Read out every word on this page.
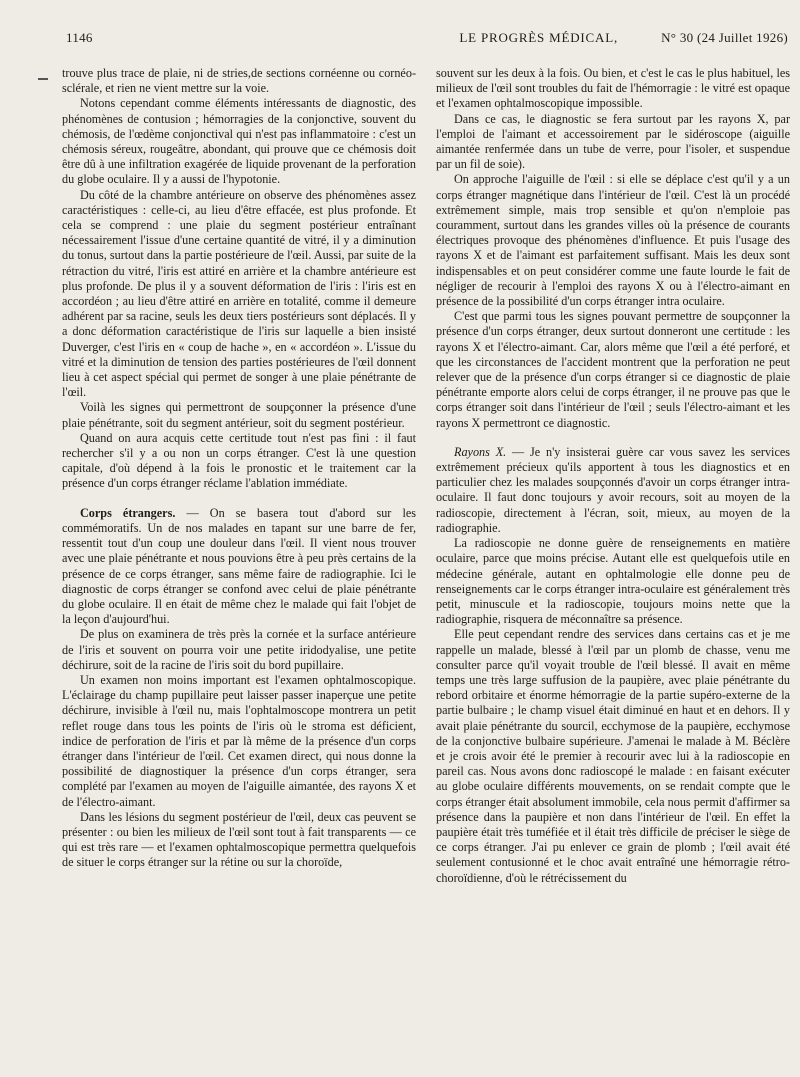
1146	LE PROGRÈS MÉDICAL,	N° 30 (24 Juillet 1926)

trouve plus trace de plaie, ni de stries,de sections cornéenne ou cornéo-sclérale, et rien ne vient mettre sur la voie.

Notons cependant comme éléments intéressants de diagnostic, des phénomènes de contusion ; hémorragies de la conjonctive, souvent du chémosis, de l'œdème conjonctival qui n'est pas inflammatoire : c'est un chémosis séreux, rougeâtre, abondant, qui prouve que ce chémosis doit être dû à une infiltration exagérée de liquide provenant de la perforation du globe oculaire. Il y a aussi de l'hypotonie.

Du côté de la chambre antérieure on observe des phénomènes assez caractéristiques : celle-ci, au lieu d'être effacée, est plus profonde. Et cela se comprend : une plaie du segment postérieur entraînant nécessairement l'issue d'une certaine quantité de vitré, il y a diminution du tonus, surtout dans la partie postérieure de l'œil. Aussi, par suite de la rétraction du vitré, l'iris est attiré en arrière et la chambre antérieure est plus profonde. De plus il y a souvent déformation de l'iris : l'iris est en accordéon ; au lieu d'être attiré en arrière en totalité, comme il demeure adhérent par sa racine, seuls les deux tiers postérieurs sont déplacés. Il y a donc déformation caractéristique de l'iris sur laquelle a bien insisté Duverger, c'est l'iris en « coup de hache », en « accordéon ». L'issue du vitré et la diminution de tension des parties postérieures de l'œil donnent lieu à cet aspect spécial qui permet de songer à une plaie pénétrante de l'œil.

Voilà les signes qui permettront de soupçonner la présence d'une plaie pénétrante, soit du segment antérieur, soit du segment postérieur.

Quand on aura acquis cette certitude tout n'est pas fini : il faut rechercher s'il y a ou non un corps étranger. C'est là une question capitale, d'où dépend à la fois le pronostic et le traitement car la présence d'un corps étranger réclame l'ablation immédiate.

Corps étrangers. — On se basera tout d'abord sur les commémoratifs. Un de nos malades en tapant sur une barre de fer, ressentit tout d'un coup une douleur dans l'œil. Il vient nous trouver avec une plaie pénétrante et nous pouvions être à peu près certains de la présence de ce corps étranger, sans même faire de radiographie. Ici le diagnostic de corps étranger se confond avec celui de plaie pénétrante du globe oculaire. Il en était de même chez le malade qui fait l'objet de la leçon d'aujourd'hui.

De plus on examinera de très près la cornée et la surface antérieure de l'iris et souvent on pourra voir une petite iridodyalise, une petite déchirure, soit de la racine de l'iris soit du bord pupillaire.

Un examen non moins important est l'examen ophtalmoscopique. L'éclairage du champ pupillaire peut laisser passer inaperçue une petite déchirure, invisible à l'œil nu, mais l'ophtalmoscope montrera un petit reflet rouge dans tous les points de l'iris où le stroma est déficient, indice de perforation de l'iris et par là même de la présence d'un corps étranger dans l'intérieur de l'œil. Cet examen direct, qui nous donne la possibilité de diagnostiquer la présence d'un corps étranger, sera complété par l'examen au moyen de l'aiguille aimantée, des rayons X et de l'électro-aimant.

Dans les lésions du segment postérieur de l'œil, deux cas peuvent se présenter : ou bien les milieux de l'œil sont tout à fait transparents — ce qui est très rare — et l'examen ophtalmoscopique permettra quelquefois de situer le corps étranger sur la rétine ou sur la choroïde,

souvent sur les deux à la fois. Ou bien, et c'est le cas le plus habituel, les milieux de l'œil sont troubles du fait de l'hémorragie : le vitré est opaque et l'examen ophtalmoscopique impossible.

Dans ce cas, le diagnostic se fera surtout par les rayons X, par l'emploi de l'aimant et accessoirement par le sidéroscope (aiguille aimantée renfermée dans un tube de verre, pour l'isoler, et suspendue par un fil de soie).

On approche l'aiguille de l'œil : si elle se déplace c'est qu'il y a un corps étranger magnétique dans l'intérieur de l'œil. C'est là un procédé extrêmement simple, mais trop sensible et qu'on n'emploie pas couramment, surtout dans les grandes villes où la présence de courants électriques provoque des phénomènes d'influence. Et puis l'usage des rayons X et de l'aimant est parfaitement suffisant. Mais les deux sont indispensables et on peut considérer comme une faute lourde le fait de négliger de recourir à l'emploi des rayons X ou à l'électro-aimant en présence de la possibilité d'un corps étranger intra oculaire.

C'est que parmi tous les signes pouvant permettre de soupçonner la présence d'un corps étranger, deux surtout donneront une certitude : les rayons X et l'électro-aimant. Car, alors même que l'œil a été perforé, et que les circonstances de l'accident montrent que la perforation ne peut relever que de la présence d'un corps étranger si ce diagnostic de plaie pénétrante emporte alors celui de corps étranger, il ne prouve pas que le corps étranger soit dans l'intérieur de l'œil ; seuls l'électro-aimant et les rayons X permettront ce diagnostic.

Rayons X. — Je n'y insisterai guère car vous savez les services extrêmement précieux qu'ils apportent à tous les diagnostics et en particulier chez les malades soupçonnés d'avoir un corps étranger intra-oculaire. Il faut donc toujours y avoir recours, soit au moyen de la radioscopie, directement à l'écran, soit, mieux, au moyen de la radiographie.

La radioscopie ne donne guère de renseignements en matière oculaire, parce que moins précise. Autant elle est quelquefois utile en médecine générale, autant en ophtalmologie elle donne peu de renseignements car le corps étranger intra-oculaire est généralement très petit, minuscule et la radioscopie, toujours moins nette que la radiographie, risquera de méconnaître sa présence.

Elle peut cependant rendre des services dans certains cas et je me rappelle un malade, blessé à l'œil par un plomb de chasse, venu me consulter parce qu'il voyait trouble de l'œil blessé. Il avait en même temps une très large suffusion de la paupière, avec plaie pénétrante du rebord orbitaire et énorme hémorragie de la partie supéro-externe de la partie bulbaire ; le champ visuel était diminué en haut et en dehors. Il y avait plaie pénétrante du sourcil, ecchymose de la paupière, ecchymose de la conjonctive bulbaire supérieure. J'amenai le malade à M. Béclère et je crois avoir été le premier à recourir avec lui à la radioscopie en pareil cas. Nous avons donc radioscopé le malade : en faisant exécuter au globe oculaire différents mouvements, on se rendait compte que le corps étranger était absolument immobile, cela nous permit d'affirmer sa présence dans la paupière et non dans l'intérieur de l'œil. En effet la paupière était très tuméfiée et il était très difficile de préciser le siège de ce corps étranger. J'ai pu enlever ce grain de plomb ; l'œil avait été seulement contusionné et le choc avait entraîné une hémorragie rétro-choroïdienne, d'où le rétrécissement du
